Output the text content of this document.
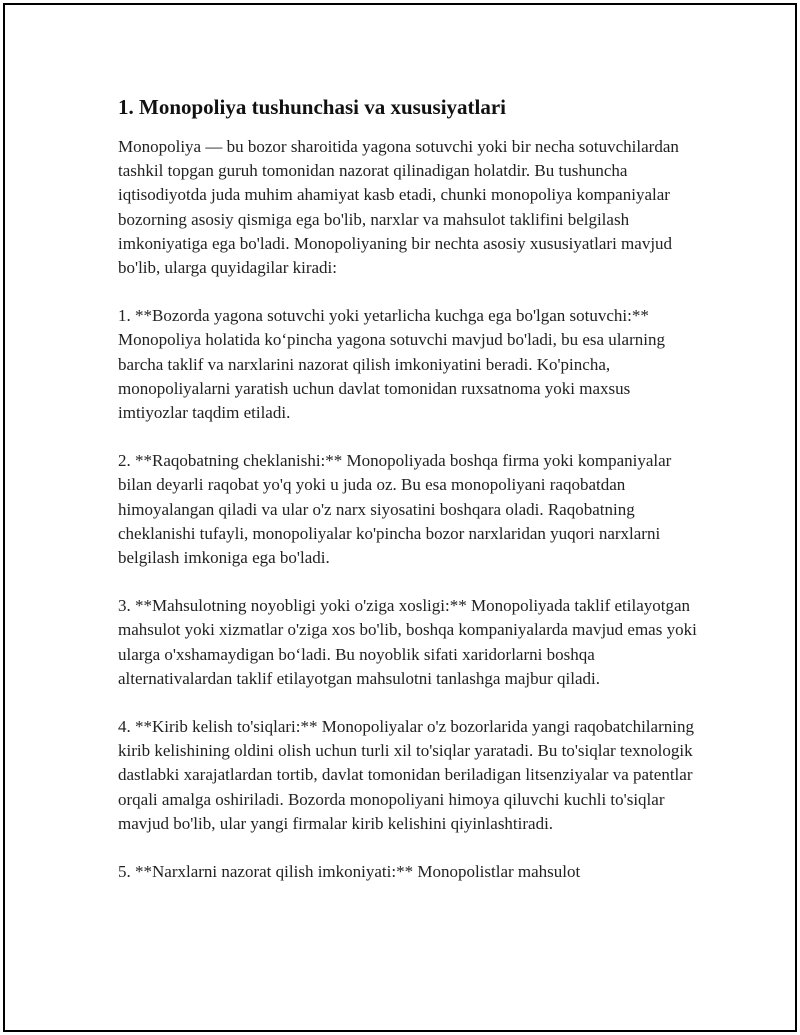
1. Monopoliya tushunchasi va xususiyatlari

Monopoliya — bu bozor sharoitida yagona sotuvchi yoki bir necha sotuvchilardan tashkil topgan guruh tomonidan nazorat qilinadigan holatdir. Bu tushuncha iqtisodiyotda juda muhim ahamiyat kasb etadi, chunki monopoliya kompaniyalar bozorning asosiy qismiga ega bo'lib, narxlar va mahsulot taklifini belgilash imkoniyatiga ega bo'ladi. Monopoliyaning bir nechta asosiy xususiyatlari mavjud bo'lib, ularga quyidagilar kiradi:

1. **Bozorda yagona sotuvchi yoki yetarlicha kuchga ega bo'lgan sotuvchi:** Monopoliya holatida koʻpincha yagona sotuvchi mavjud bo'ladi, bu esa ularning barcha taklif va narxlarini nazorat qilish imkoniyatini beradi. Ko'pincha, monopoliyalarni yaratish uchun davlat tomonidan ruxsatnoma yoki maxsus imtiyozlar taqdim etiladi.

2. **Raqobatning cheklanishi:** Monopoliyada boshqa firma yoki kompaniyalar bilan deyarli raqobat yo'q yoki u juda oz. Bu esa monopoliyani raqobatdan himoyalangan qiladi va ular o'z narx siyosatini boshqara oladi. Raqobatning cheklanishi tufayli, monopoliyalar ko'pincha bozor narxlaridan yuqori narxlarni belgilash imkoniga ega bo'ladi.

3. **Mahsulotning noyobligi yoki o'ziga xosligi:** Monopoliyada taklif etilayotgan mahsulot yoki xizmatlar o'ziga xos bo'lib, boshqa kompaniyalarda mavjud emas yoki ularga o'xshamaydigan boʻladi. Bu noyoblik sifati xaridorlarni boshqa alternativalardan taklif etilayotgan mahsulotni tanlashga majbur qiladi.

4. **Kirib kelish to'siqlari:** Monopoliyalar o'z bozorlarida yangi raqobatchilarning kirib kelishining oldini olish uchun turli xil to'siqlar yaratadi. Bu to'siqlar texnologik dastlabki xarajatlardan tortib, davlat tomonidan beriladigan litsenziyalar va patentlar orqali amalga oshiriladi. Bozorda monopoliyani himoya qiluvchi kuchli to'siqlar mavjud bo'lib, ular yangi firmalar kirib kelishini qiyinlashtiradi.

5. **Narxlarni nazorat qilish imkoniyati:** Monopolistlar mahsulot
